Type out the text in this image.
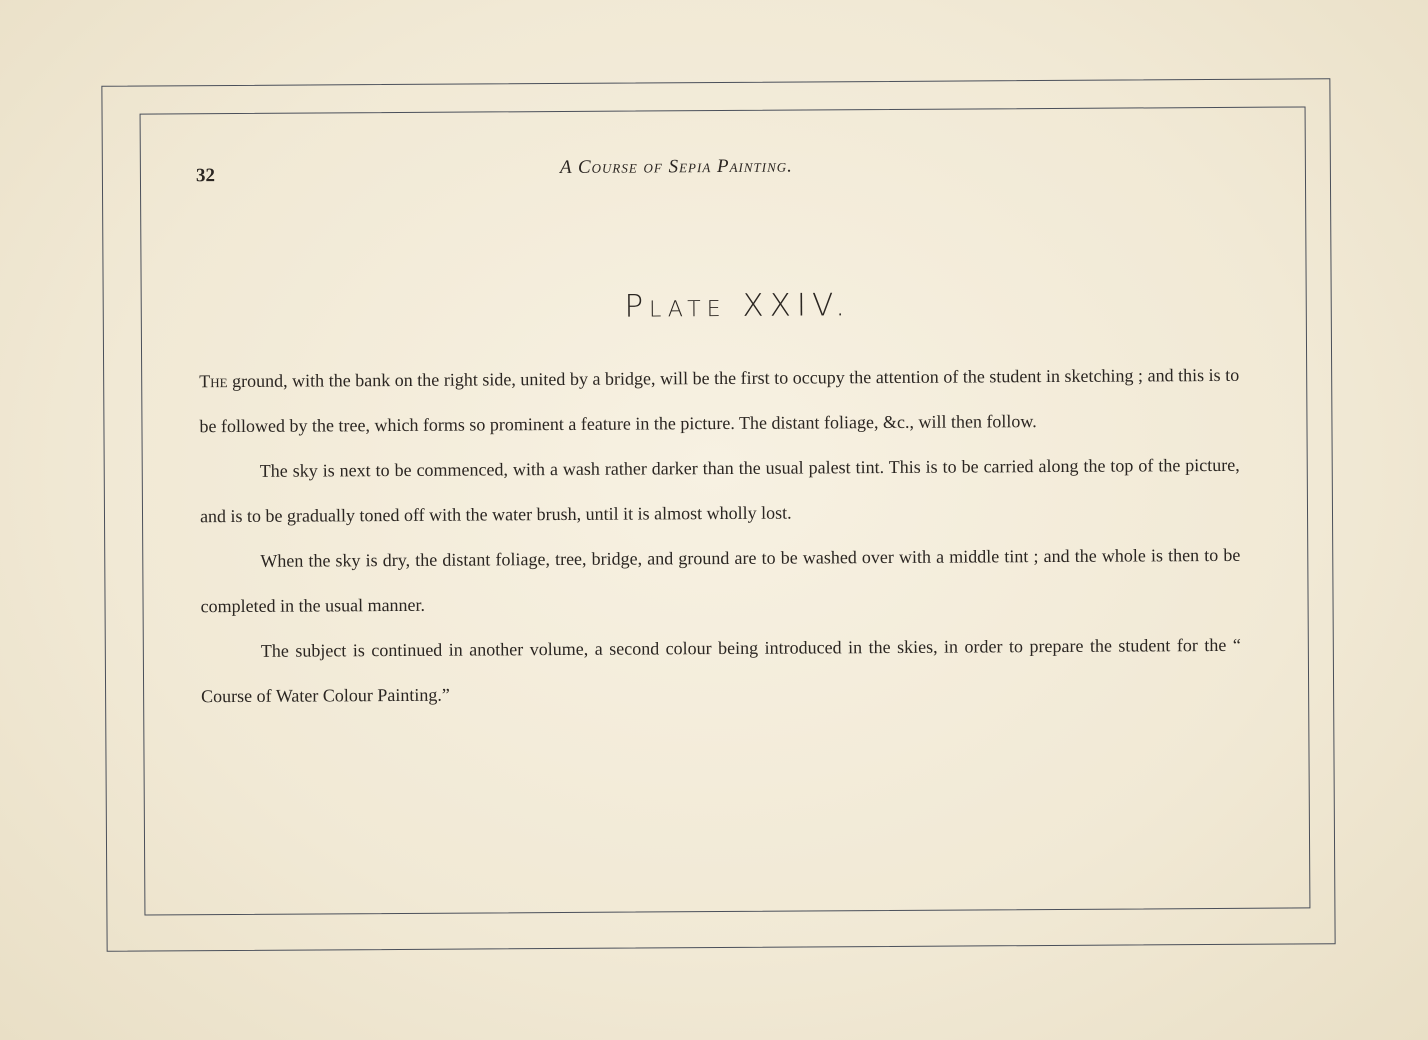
32	A Course of Sepia Painting.
Plate XXIV.

The ground, with the bank on the right side, united by a bridge, will be the first to occupy the attention of the student in sketching ; and this is to be followed by the tree, which forms so prominent a feature in the picture. The distant foliage, &c., will then follow.

The sky is next to be commenced, with a wash rather darker than the usual palest tint. This is to be carried along the top of the picture, and is to be gradually toned off with the water brush, until it is almost wholly lost.

When the sky is dry, the distant foliage, tree, bridge, and ground are to be washed over with a middle tint ; and the whole is then to be completed in the usual manner.

The subject is continued in another volume, a second colour being introduced in the skies, in order to prepare the student for the “ Course of Water Colour Painting.”
